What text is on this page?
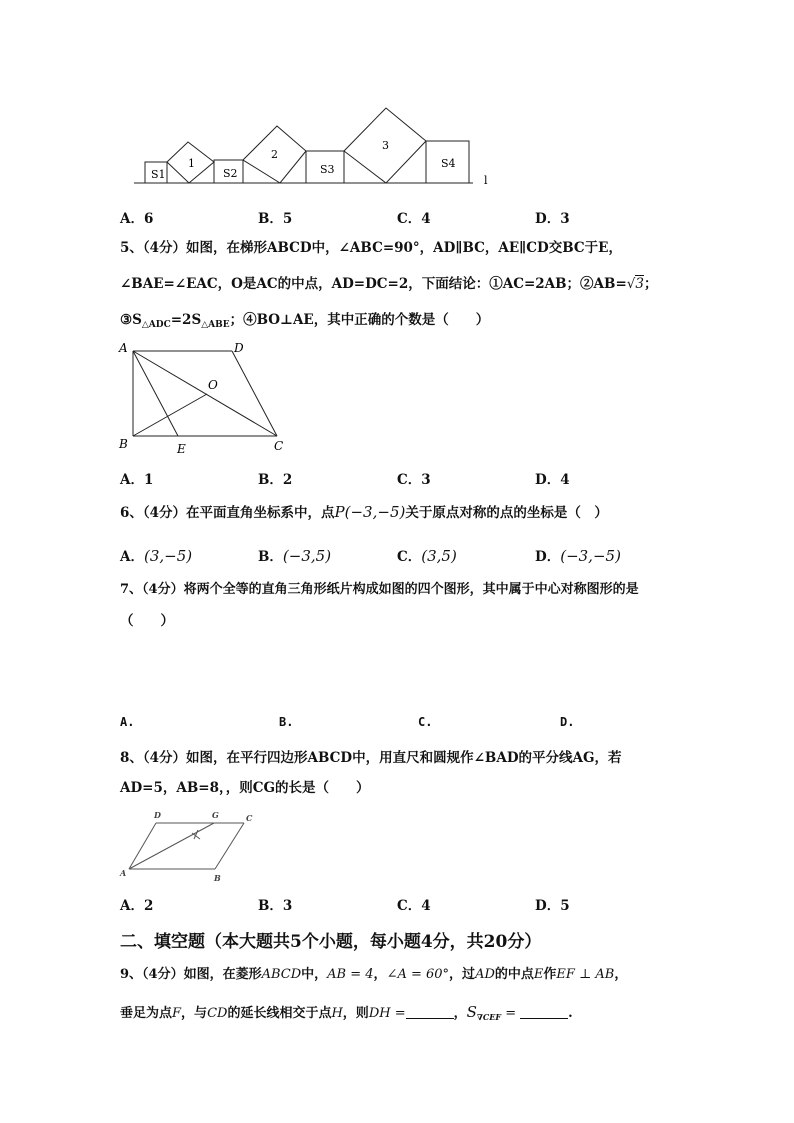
S1
1
S2
2
S3
3
S4
l
A．6	B．5	C．4	D．3
5、（4分）如图，在梯形ABCD中，∠ABC=90°，AD∥BC，AE∥CD交BC于E，
∠BAE=∠EAC，O是AC的中点，AD=DC=2，下面结论：①AC=2AB；②AB=√3；
$③S_{\triangle ADC}=2S_{\triangle ABE}$；④BO⊥AE，其中正确的个数是（　　）
A	D
O
B	E	C
A．1	B．2	C．3	D．4
6、（4分）在平面直角坐标系中，点P(−3,−5)关于原点对称的点的坐标是（　）
A．(3,−5)	B．(−3,5)	C．(3,5)	D．(−3,−5)
7、（4分）将两个全等的直角三角形纸片构成如图的四个图形，其中属于中心对称图形的是
（　　）
A.	B.	C.	D.
8、（4分）如图，在平行四边形ABCD中，用直尺和圆规作∠BAD的平分线AG，若
AD=5，AB=8，，则CG的长是（　　）
D	G	C
A	B
A．2	B．3	C．4	D．5
二、填空题（本大题共5个小题，每小题4分，共20分）
9、（4分）如图，在菱形ABCD中，AB = 4，∠A = 60°，过AD的中点E作EF ⊥ AB，
垂足为点F，与CD的延长线相交于点H，则DH =	，$S_{\nabla CEF}$ =	.
